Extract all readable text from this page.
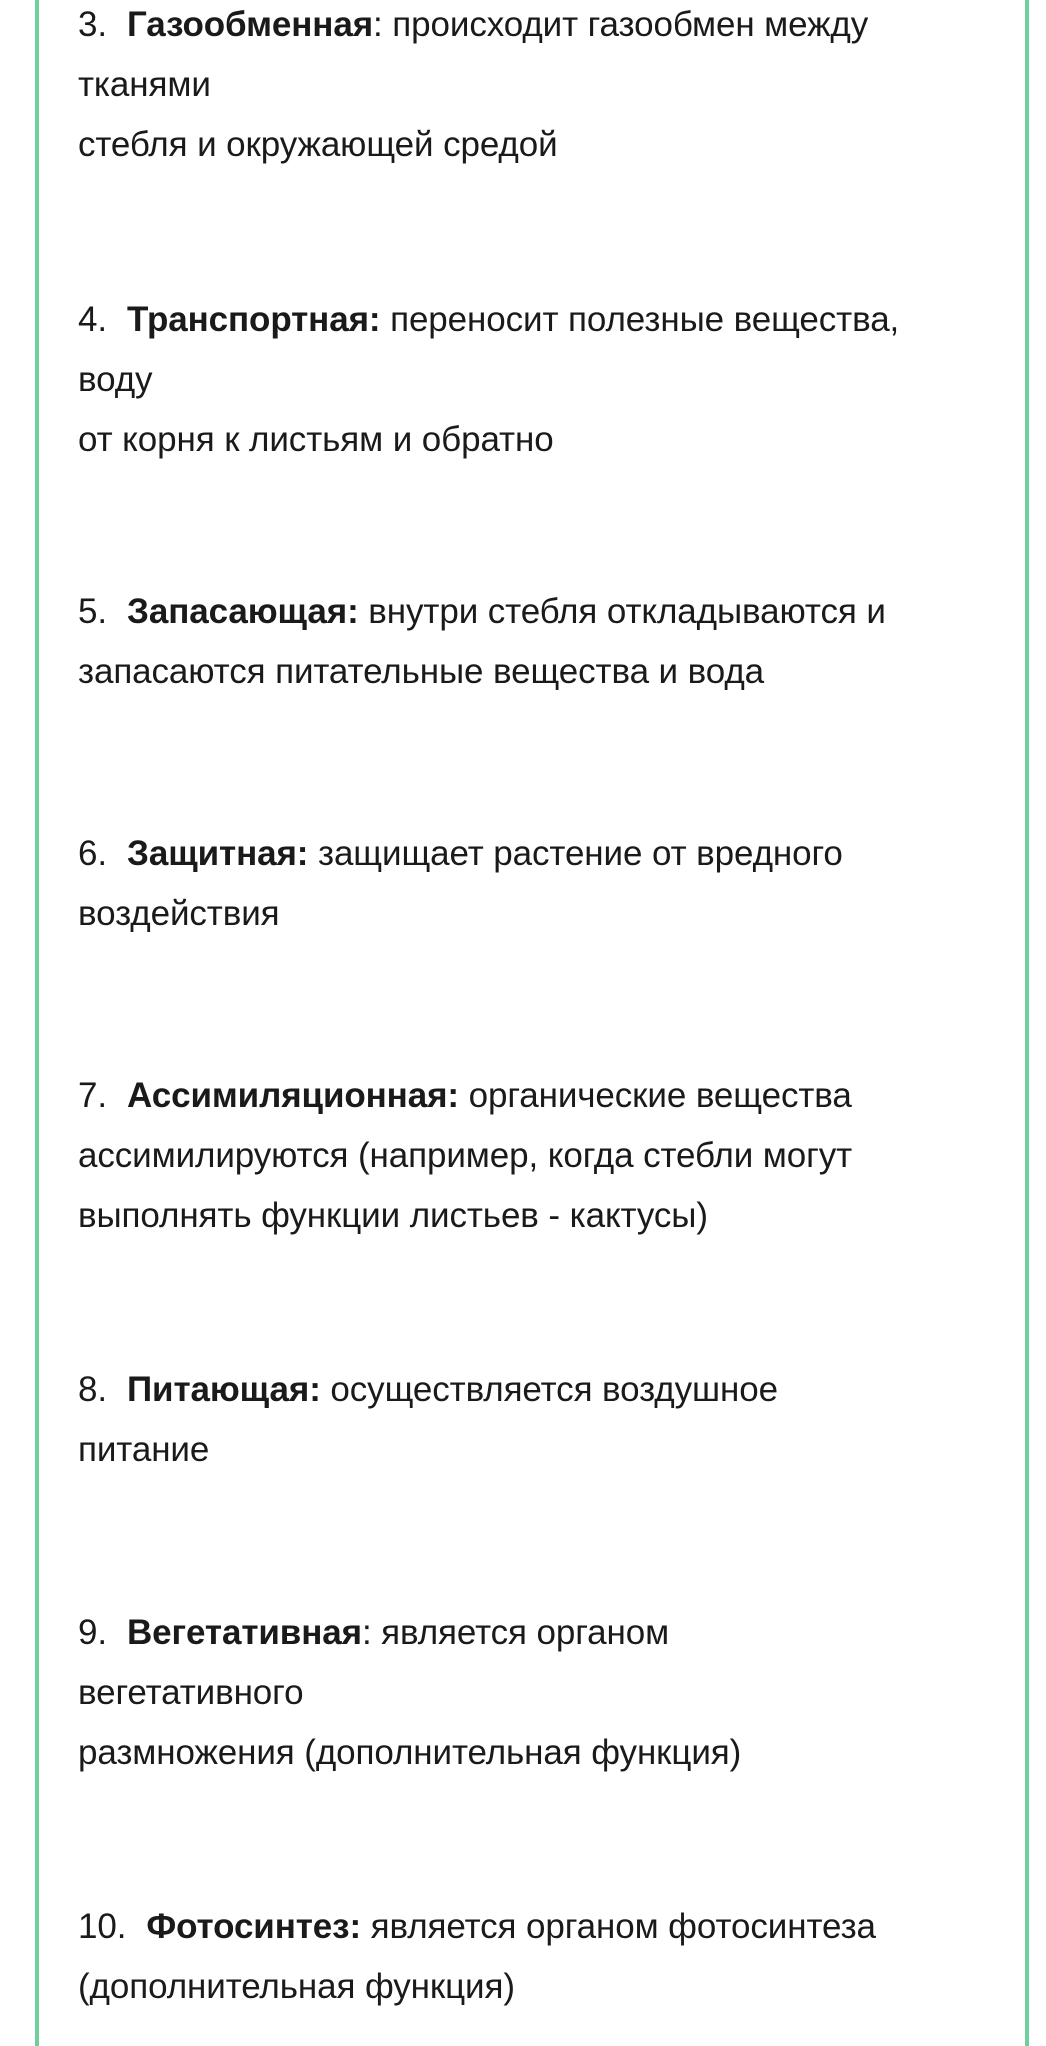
3. Газообменная: происходит газообмен между
тканями
стебля и окружающей средой
4. Транспортная: переносит полезные вещества,
воду
от корня к листьям и обратно
5. Запасающая: внутри стебля откладываются и
запасаются питательные вещества и вода
6. Защитная: защищает растение от вредного
воздействия
7. Ассимиляционная: органические вещества
ассимилируются (например, когда стебли могут
выполнять функции листьев - кактусы)
8. Питающая: осуществляется воздушное
питание
9. Вегетативная: является органом
вегетативного
размножения (дополнительная функция)
10. Фотосинтез: является органом фотосинтеза
(дополнительная функция)
